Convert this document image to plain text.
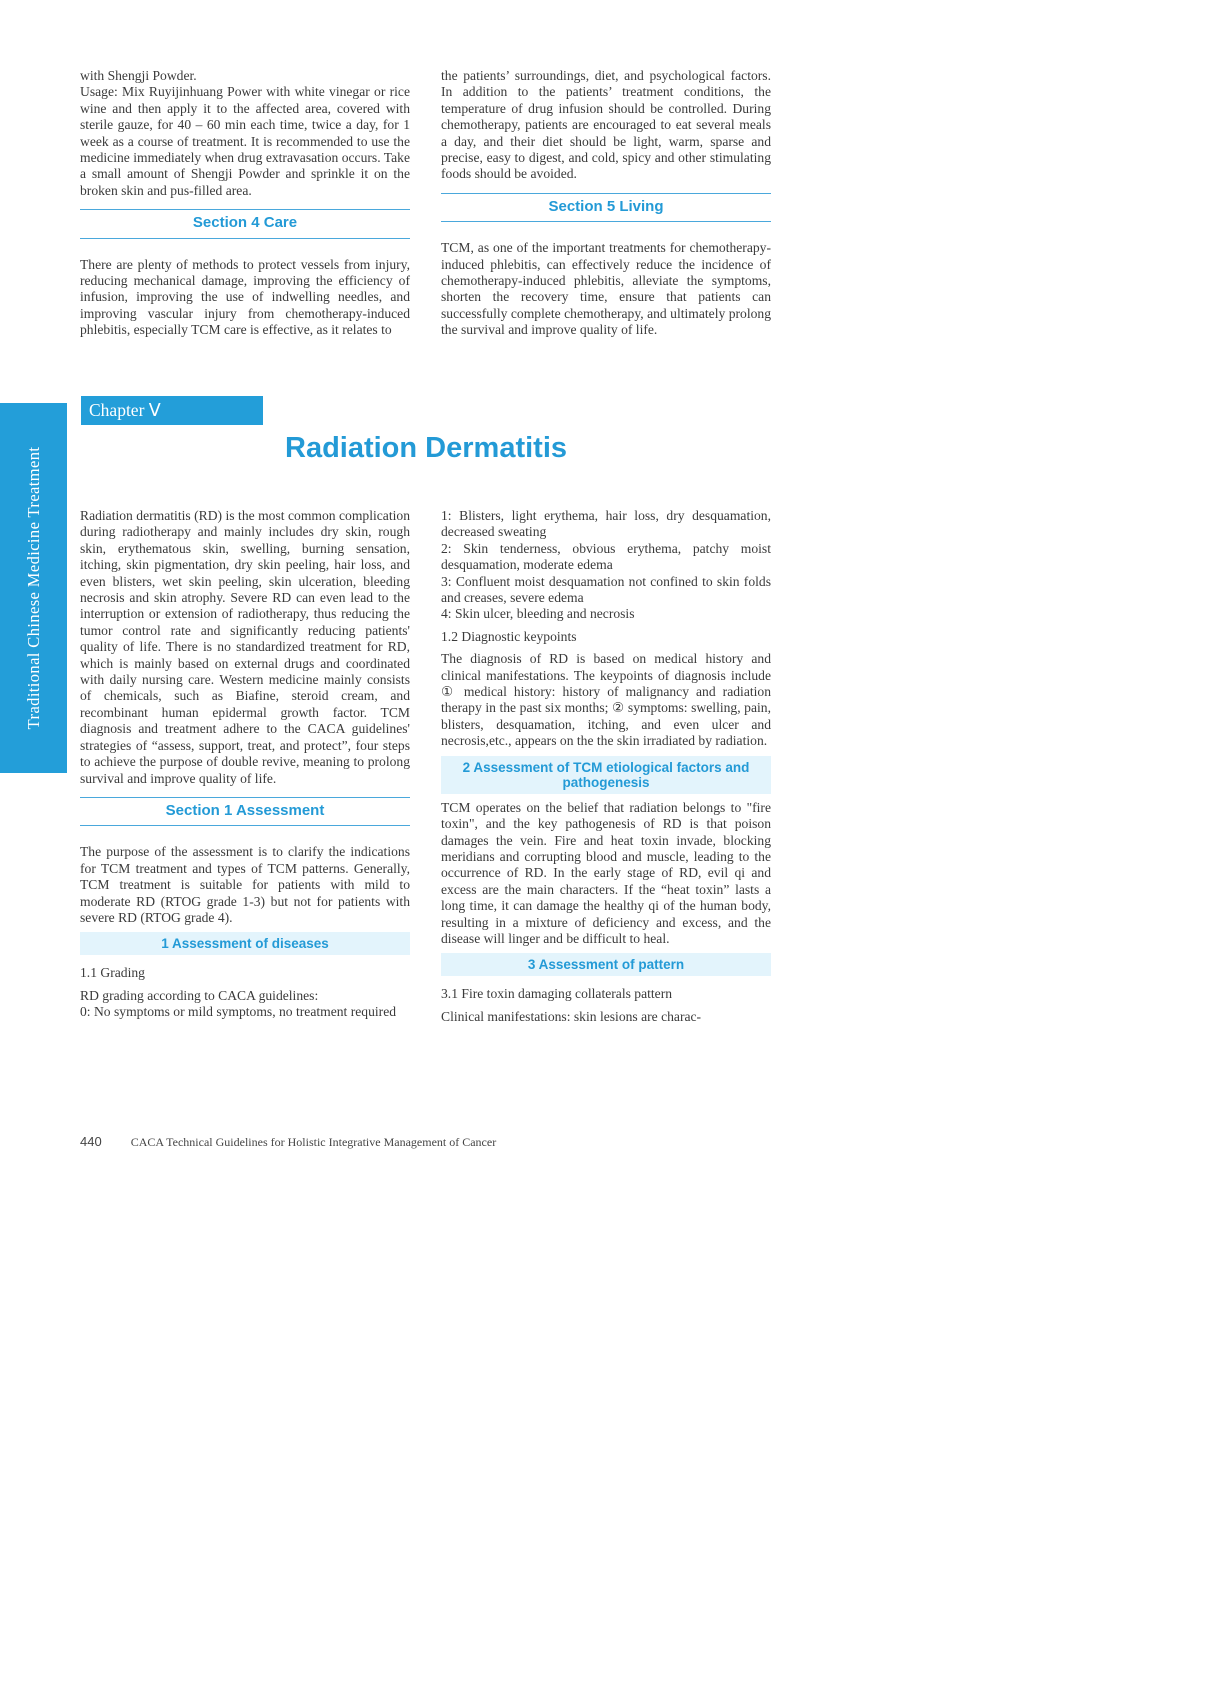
with Shengji Powder.

Usage: Mix Ruyijinhuang Power with white vinegar or rice wine and then apply it to the affected area, covered with sterile gauze, for 40 – 60 min each time, twice a day, for 1 week as a course of treatment. It is recommended to use the medicine immediately when drug extravasation occurs. Take a small amount of Shengji Powder and sprinkle it on the broken skin and pus-filled area.

Section 4 Care

There are plenty of methods to protect vessels from injury, reducing mechanical damage, improving the efficiency of infusion, improving the use of indwelling needles, and improving vascular injury from chemotherapy-induced phlebitis, especially TCM care is effective, as it relates to

the patients’ surroundings, diet, and psychological factors. In addition to the patients’ treatment conditions, the temperature of drug infusion should be controlled. During chemotherapy, patients are encouraged to eat several meals a day, and their diet should be light, warm, sparse and precise, easy to digest, and cold, spicy and other stimulating foods should be avoided.

Section 5 Living

TCM, as one of the important treatments for chemotherapy-induced phlebitis, can effectively reduce the incidence of chemotherapy-induced phlebitis, alleviate the symptoms, shorten the recovery time, ensure that patients can successfully complete chemotherapy, and ultimately prolong the survival and improve quality of life.

Traditional Chinese Medicine Treatment
Chapter Ⅴ
Radiation Dermatitis

Radiation dermatitis (RD) is the most common complication during radiotherapy and mainly includes dry skin, rough skin, erythematous skin, swelling, burning sensation, itching, skin pigmentation, dry skin peeling, hair loss, and even blisters, wet skin peeling, skin ulceration, bleeding necrosis and skin atrophy. Severe RD can even lead to the interruption or extension of radiotherapy, thus reducing the tumor control rate and significantly reducing patients' quality of life. There is no standardized treatment for RD, which is mainly based on external drugs and coordinated with daily nursing care. Western medicine mainly consists of chemicals, such as Biafine, steroid cream, and recombinant human epidermal growth factor. TCM diagnosis and treatment adhere to the CACA guidelines' strategies of “assess, support, treat, and protect”, four steps to achieve the purpose of double revive, meaning to prolong survival and improve quality of life.

Section 1 Assessment

The purpose of the assessment is to clarify the indications for TCM treatment and types of TCM patterns. Generally, TCM treatment is suitable for patients with mild to moderate RD (RTOG grade 1-3) but not for patients with severe RD (RTOG grade 4).

1 Assessment of diseases

1.1 Grading

RD grading according to CACA guidelines:

0: No symptoms or mild symptoms, no treatment required

1: Blisters, light erythema, hair loss, dry desquamation, decreased sweating

2: Skin tenderness, obvious erythema, patchy moist desquamation, moderate edema

3: Confluent moist desquamation not confined to skin folds and creases, severe edema

4: Skin ulcer, bleeding and necrosis

1.2 Diagnostic keypoints

The diagnosis of RD is based on medical history and clinical manifestations. The keypoints of diagnosis include ① medical history: history of malignancy and radiation therapy in the past six months; ② symptoms: swelling, pain, blisters, desquamation, itching, and even ulcer and necrosis,etc., appears on the the skin irradiated by radiation.

2 Assessment of TCM etiological factors and pathogenesis

TCM operates on the belief that radiation belongs to "fire toxin", and the key pathogenesis of RD is that poison damages the vein. Fire and heat toxin invade, blocking meridians and corrupting blood and muscle, leading to the occurrence of RD. In the early stage of RD, evil qi and excess are the main characters. If the “heat toxin” lasts a long time, it can damage the healthy qi of the human body, resulting in a mixture of deficiency and excess, and the disease will linger and be difficult to heal.

3 Assessment of pattern

3.1 Fire toxin damaging collaterals pattern

Clinical manifestations: skin lesions are charac-

440 CACA Technical Guidelines for Holistic Integrative Management of Cancer
